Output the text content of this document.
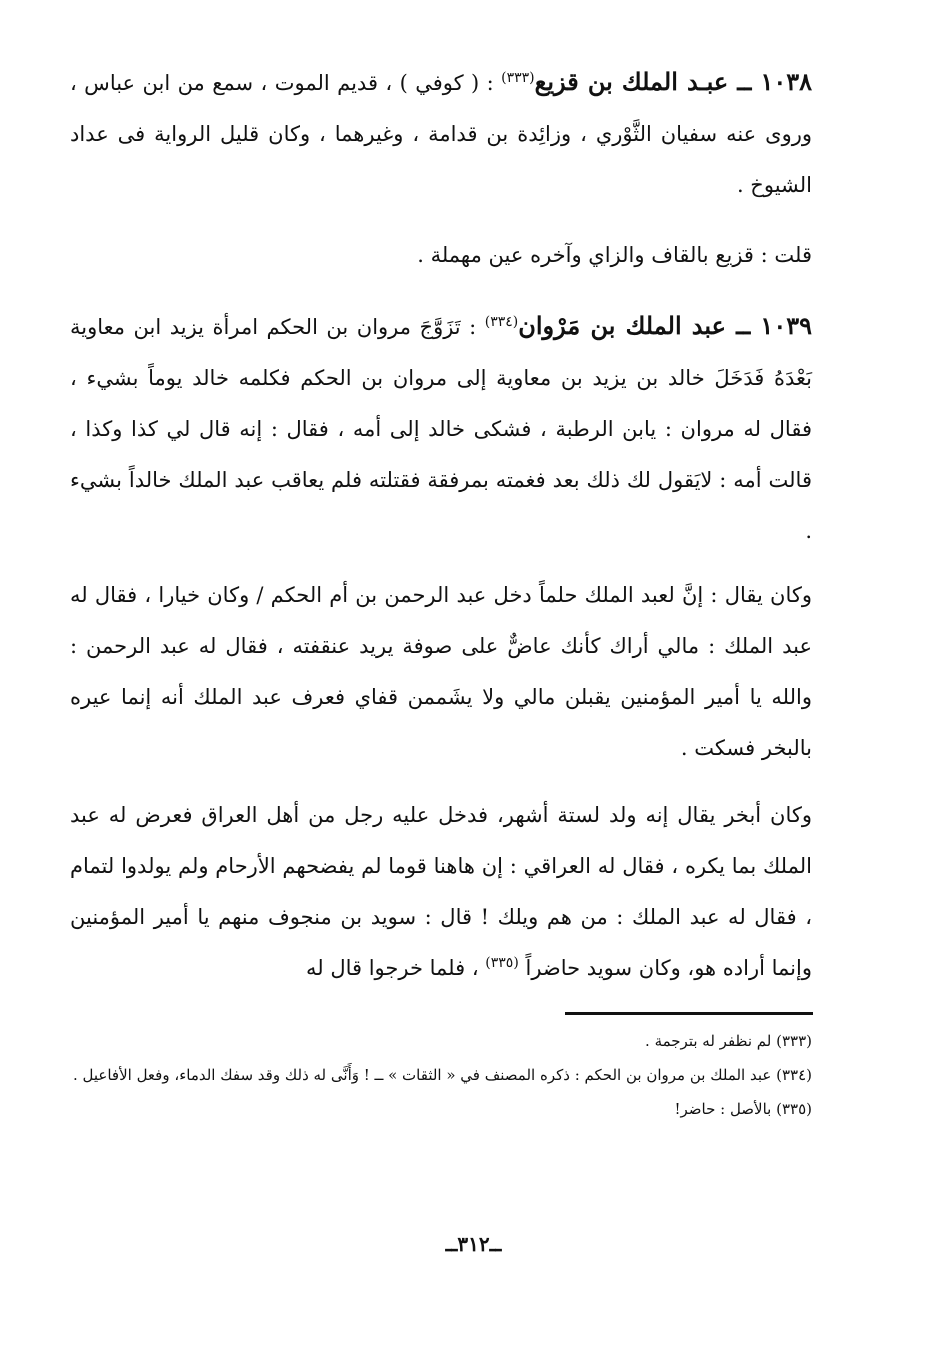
١٠٣٨ ــ عبـد الملك بن قزيع$^{(٣٣٣)}$ : ( كوفي ) ، قديم الموت ، سمع من ابن عباس ، وروى عنه سفيان الثَّوْري ، وزائِدة بن قدامة ، وغيرهما ، وكان قليل الرواية فى عداد الشيوخ .
قلت : قزيع بالقاف والزاي وآخره عين مهملة .
١٠٣٩ ــ عبد الملك بن مَرْوان$^{(٣٣٤)}$ : تَزَوَّجَ مروان بن الحكم امرأة يزيد ابن معاوية بَعْدَهُ فَدَخَلَ خالد بن يزيد بن معاوية إلى مروان بن الحكم فكلمه خالد يوماً بشيء ، فقال له مروان : يابن الرطبة ، فشكى خالد إلى أمه ، فقال : إنه قال لي كذا وكذا ، قالت أمه : لايَقول لك ذلك بعد فغمته بمرفقة فقتلته فلم يعاقب عبد الملك خالداً بشيء .
وكان يقال : إنَّ لعبد الملك حلماً دخل عبد الرحمن بن أم الحكم / وكان خيارا ، فقال له عبد الملك : مالي أراك كأنك عاضٌّ على صوفة يريد عنقفته ، فقال له عبد الرحمن : والله يا أمير المؤمنين يقبلن مالي ولا يشَممن قفاي فعرف عبد الملك أنه إنما عيره بالبخر فسكت .
وكان أبخر يقال إنه ولد لستة أشهر، فدخل عليه رجل من أهل العراق فعرض له عبد الملك بما يكره ، فقال له العراقي : إن هاهنا قوما لم يفضحهم الأرحام ولم يولدوا لتمام ، فقال له عبد الملك : من هم ويلك ! قال : سويد بن منجوف منهم يا أمير المؤمنين وإنما أراده هو، وكان سويد حاضراً $^{(٣٣٥)}$ ، فلما خرجوا قال له

(٣٣٣) لم نظفر له بترجمة .

(٣٣٤) عبد الملك بن مروان بن الحكم : ذكره المصنف في « الثقات » ــ ! وَأَنَّى له ذلك وقد سفك الدماء، وفعل الأفاعيل .

(٣٣٥) بالأصل : حاضر!

ــ٣١٢ــ
